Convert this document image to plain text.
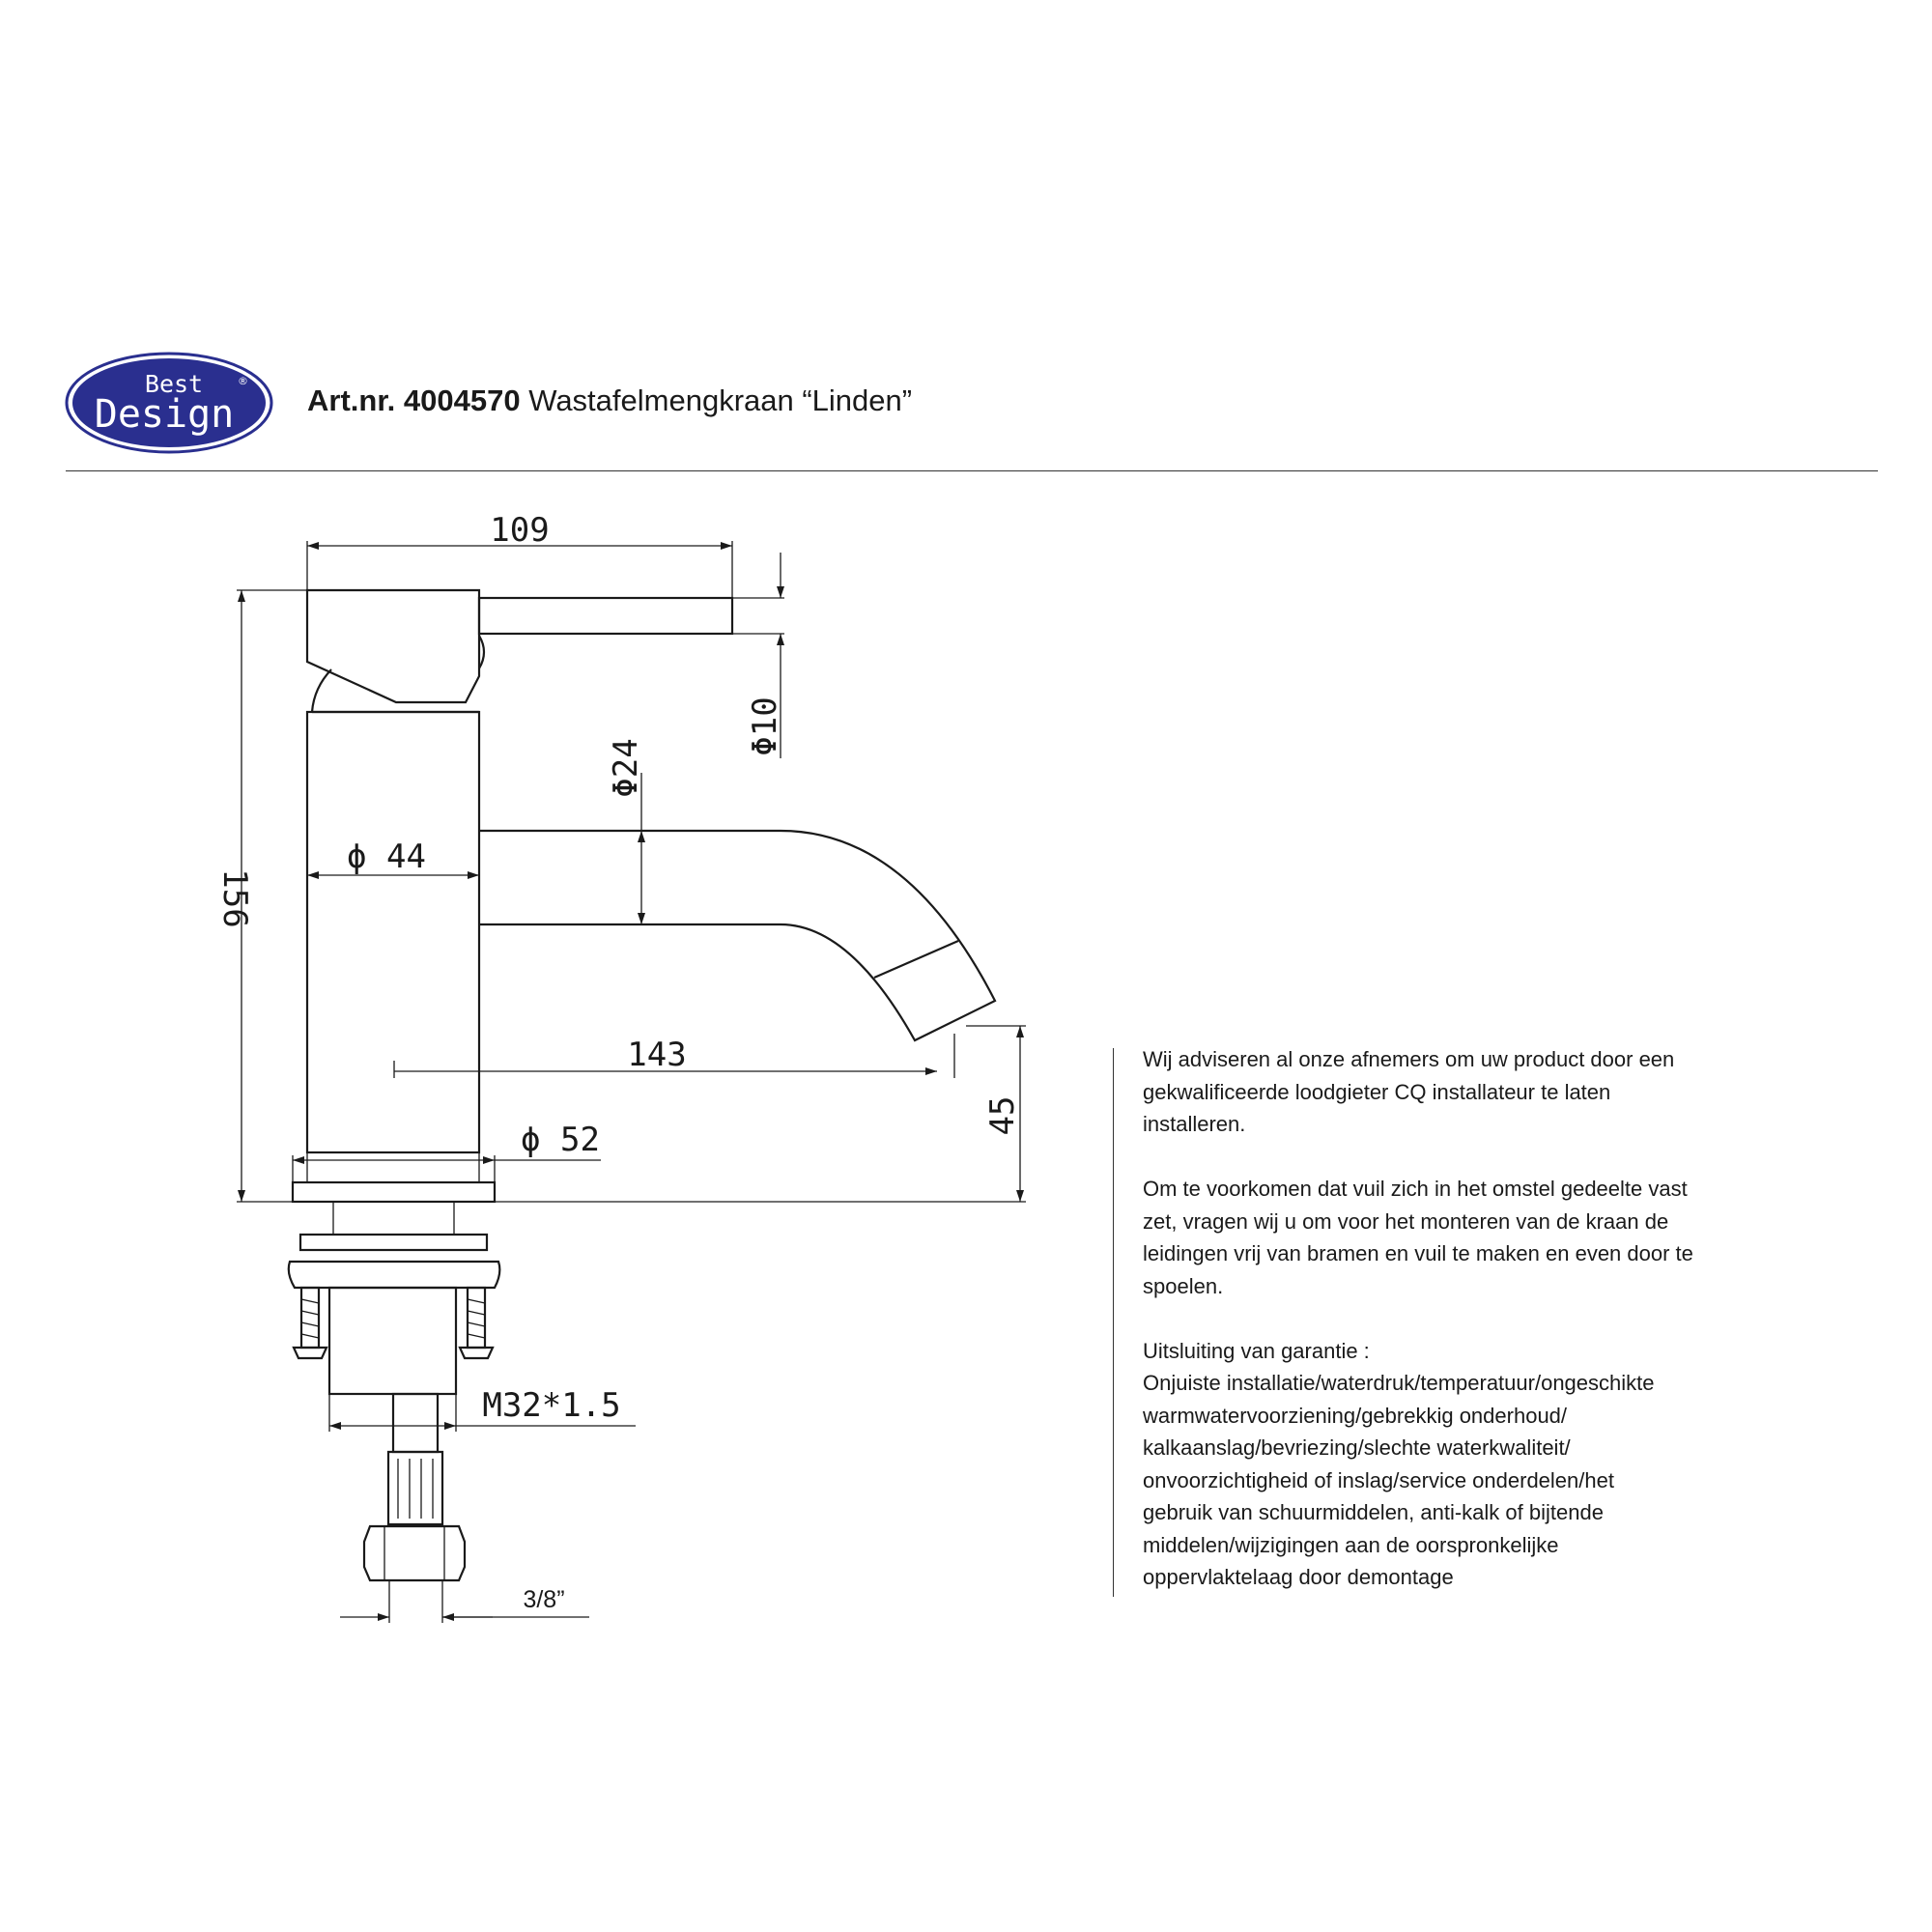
Best
Design
®
Art.nr. 4004570 Wastafelmengkraan “Linden”
109
Φ10
Φ24
ϕ 44
156
143
45
ϕ 52
M32*1.5
3/8”

Wij adviseren al onze afnemers om uw product door een
gekwalificeerde loodgieter CQ installateur te laten
installeren.

Om te voorkomen dat vuil zich in het omstel gedeelte vast
zet, vragen wij u om voor het monteren van de kraan de
leidingen vrij van bramen en vuil te maken en even door te
spoelen.

Uitsluiting van garantie :
Onjuiste installatie/waterdruk/temperatuur/ongeschikte
warmwatervoorziening/gebrekkig onderhoud/
kalkaanslag/bevriezing/slechte waterkwaliteit/
onvoorzichtigheid of inslag/service onderdelen/het
gebruik van schuurmiddelen, anti-kalk of bijtende
middelen/wijzigingen aan de oorspronkelijke
oppervlaktelaag door demontage
